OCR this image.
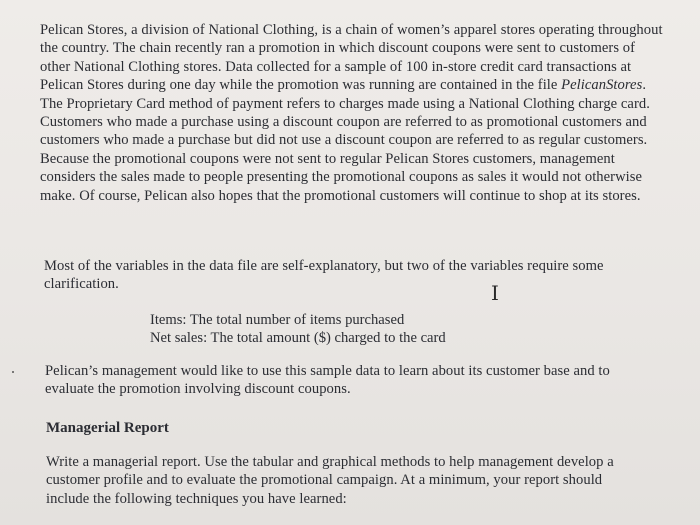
Pelican Stores, a division of National Clothing, is a chain of women’s apparel stores operating throughout the country. The chain recently ran a promotion in which discount coupons were sent to customers of other National Clothing stores. Data collected for a sample of 100 in-store credit card transactions at Pelican Stores during one day while the promotion was running are contained in the file PelicanStores. The Proprietary Card method of payment refers to charges made using a National Clothing charge card. Customers who made a purchase using a discount coupon are referred to as promotional customers and customers who made a purchase but did not use a discount coupon are referred to as regular customers. Because the promotional coupons were not sent to regular Pelican Stores customers, management considers the sales made to people presenting the promotional coupons as sales it would not otherwise make. Of course, Pelican also hopes that the promotional customers will continue to shop at its stores.

Most of the variables in the data file are self-explanatory, but two of the variables require some clarification.	I

Items: The total number of items purchased

Net sales: The total amount ($) charged to the card

Pelican’s management would like to use this sample data to learn about its customer base and to evaluate the promotion involving discount coupons.

Managerial Report

Write a managerial report. Use the tabular and graphical methods to help management develop a customer profile and to evaluate the promotional campaign. At a minimum, your report should include the following techniques you have learned:
